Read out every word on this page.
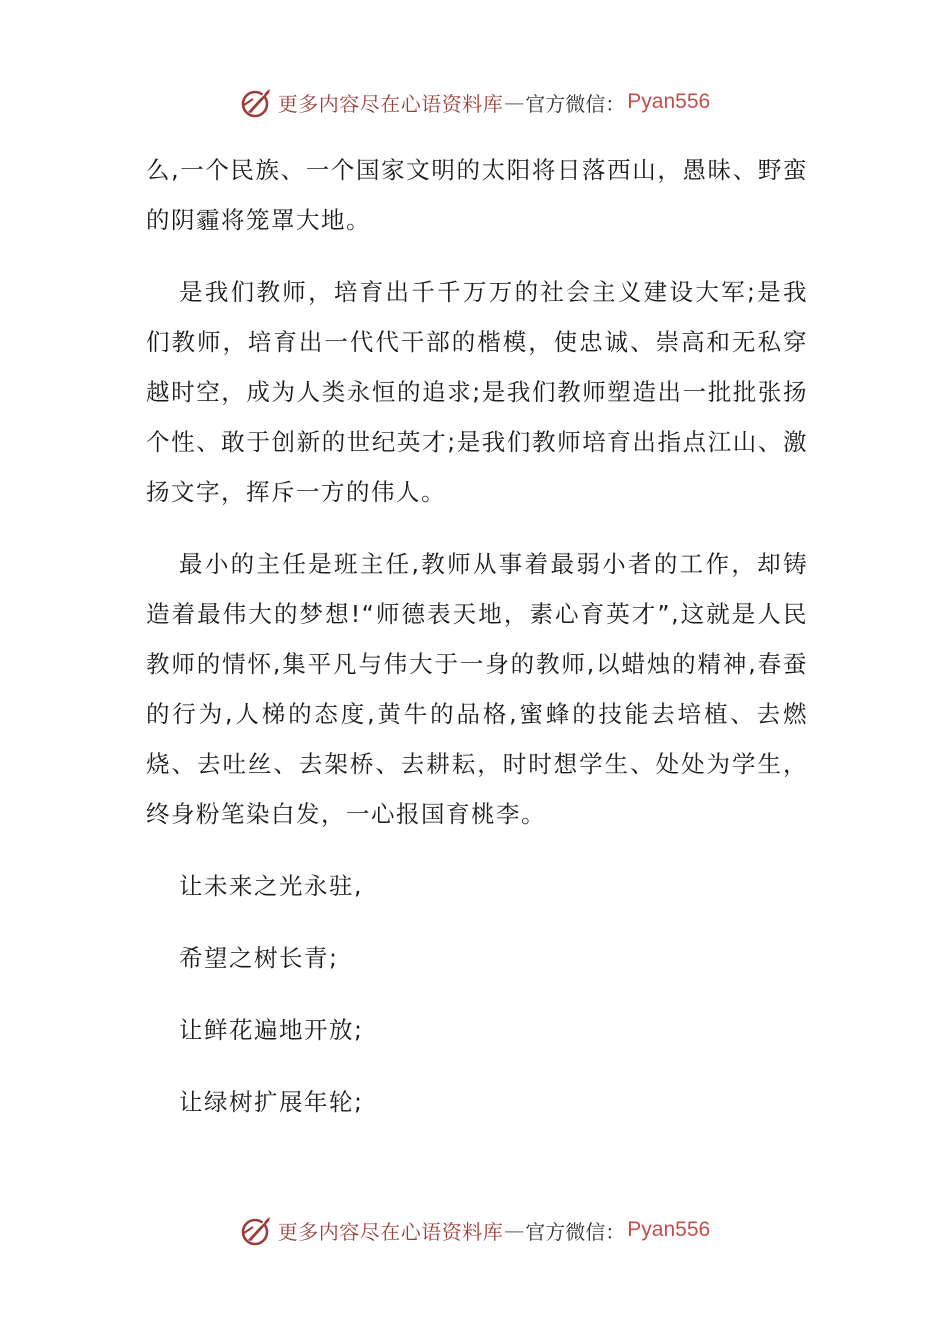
更多内容尽在心语资料库 — 官方微信： Pyan556

么,一个民族、一个国家文明的太阳将日落西山，愚昧、野蛮的阴霾将笼罩大地。

是我们教师，培育出千千万万的社会主义建设大军;是我们教师，培育出一代代干部的楷模，使忠诚、崇高和无私穿越时空，成为人类永恒的追求;是我们教师塑造出一批批张扬个性、敢于创新的世纪英才;是我们教师培育出指点江山、激扬文字，挥斥一方的伟人。

最小的主任是班主任,教师从事着最弱小者的工作，却铸造着最伟大的梦想!“师德表天地，素心育英才”,这就是人民教师的情怀,集平凡与伟大于一身的教师,以蜡烛的精神,春蚕的行为,人梯的态度,黄牛的品格,蜜蜂的技能去培植、去燃烧、去吐丝、去架桥、去耕耘，时时想学生、处处为学生，终身粉笔染白发，一心报国育桃李。

让未来之光永驻,

希望之树长青;

让鲜花遍地开放;

让绿树扩展年轮;

更多内容尽在心语资料库 — 官方微信： Pyan556
